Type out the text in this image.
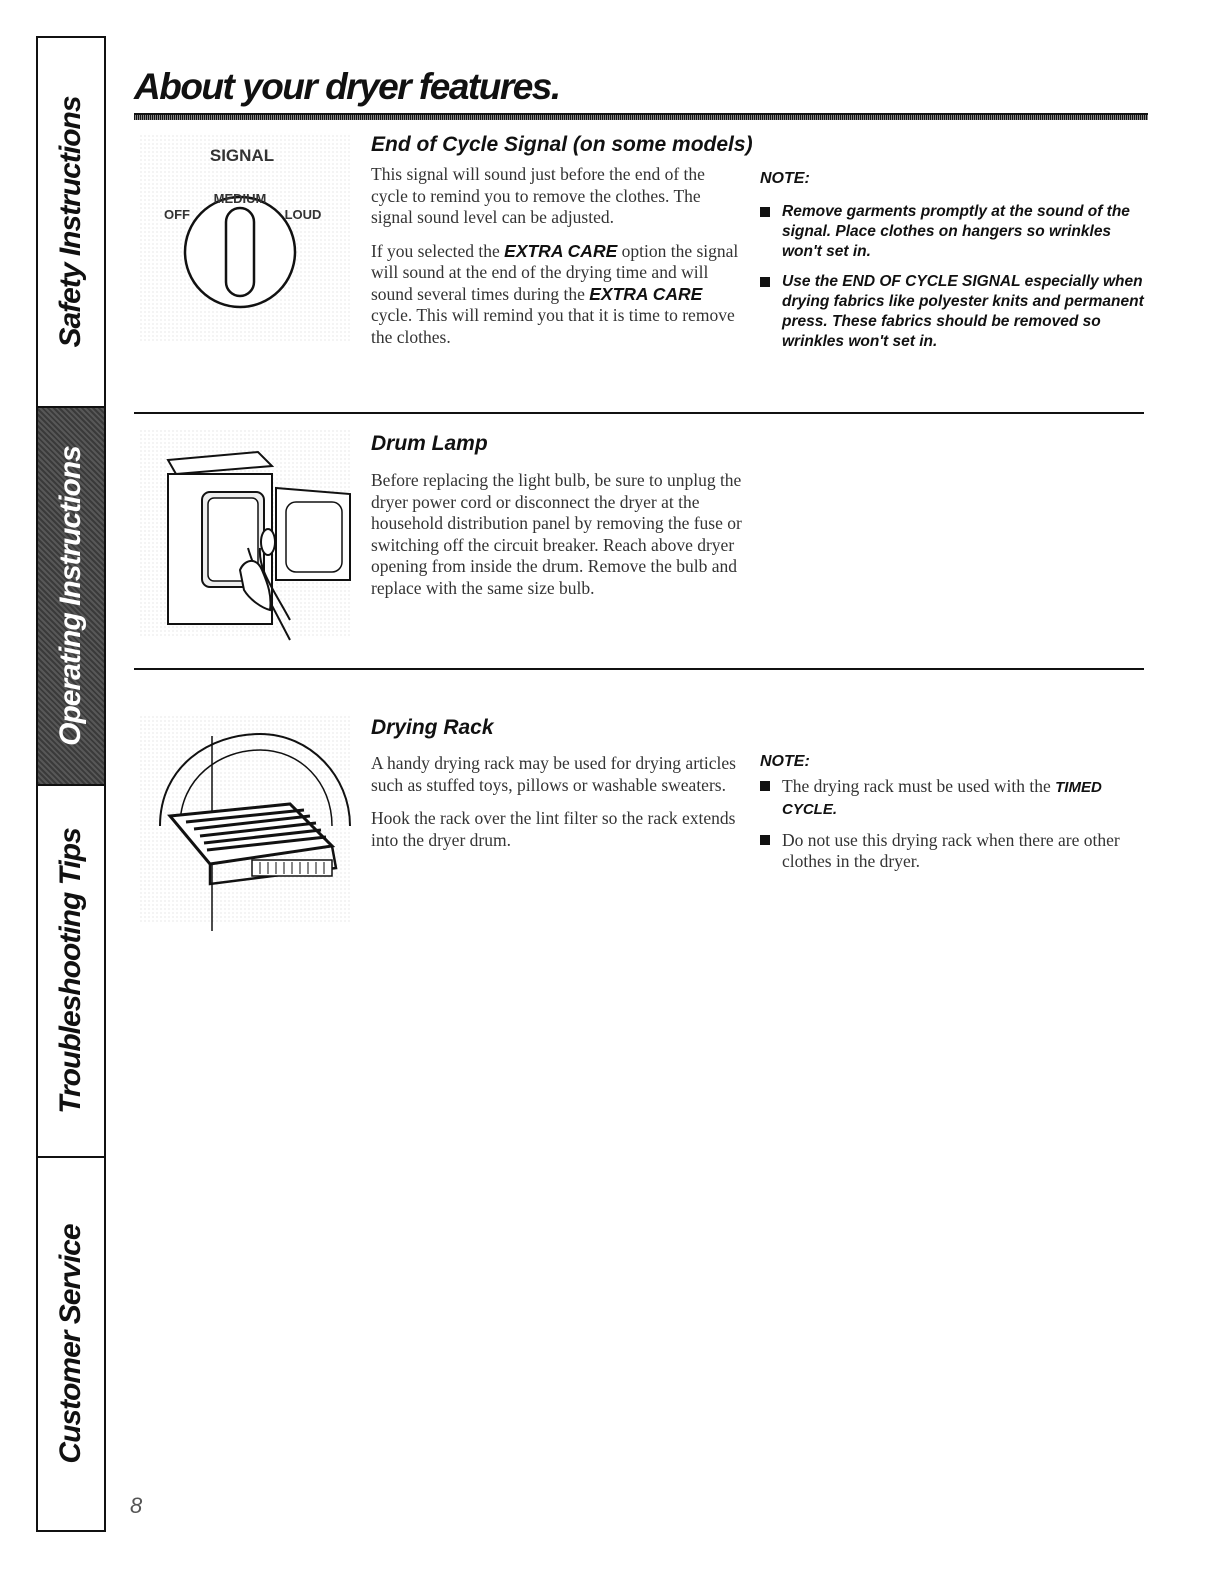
Safety Instructions
Operating Instructions
Troubleshooting Tips
Customer Service
About your dryer features.
SIGNAL
MEDIUM
OFF	LOUD
End of Cycle Signal (on some models)

This signal will sound just before the end of the cycle to remind you to remove the clothes. The signal sound level can be adjusted.

If you selected the EXTRA CARE option the signal will sound at the end of the drying time and will sound several times during the EXTRA CARE cycle. This will remind you that it is time to remove the clothes.

NOTE:
Remove garments promptly at the sound of the signal. Place clothes on hangers so wrinkles won't set in.
Use the END OF CYCLE SIGNAL especially when drying fabrics like polyester knits and permanent press. These fabrics should be removed so wrinkles won't set in.
Drum Lamp

Before replacing the light bulb, be sure to unplug the dryer power cord or disconnect the dryer at the household distribution panel by removing the fuse or switching off the circuit breaker. Reach above dryer opening from inside the drum. Remove the bulb and replace with the same size bulb.

Drying Rack

A handy drying rack may be used for drying articles such as stuffed toys, pillows or washable sweaters.

Hook the rack over the lint filter so the rack extends into the dryer drum.

NOTE:
The drying rack must be used with the TIMED CYCLE.
Do not use this drying rack when there are other clothes in the dryer.
8
